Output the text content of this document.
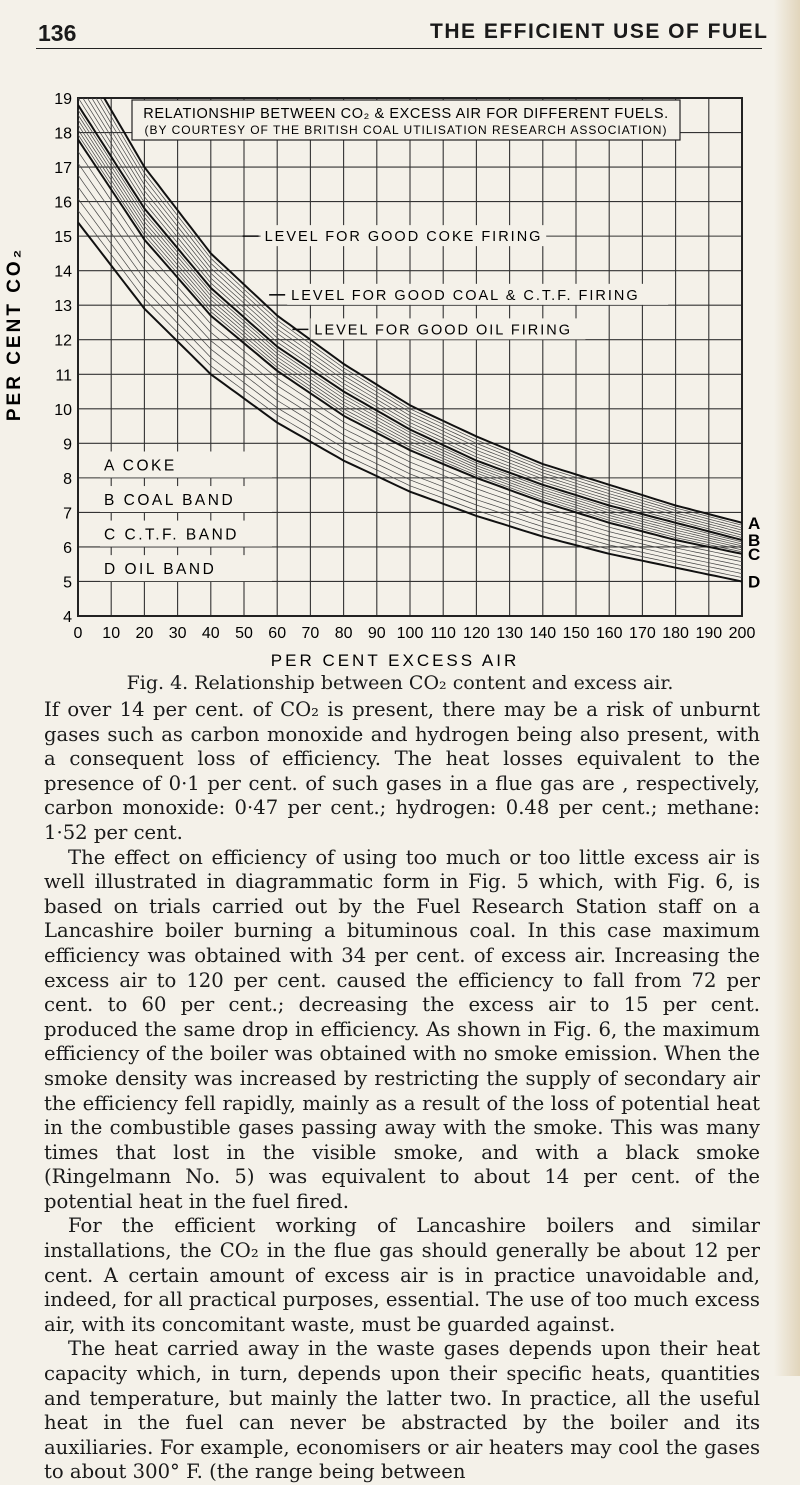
136	THE EFFICIENT USE OF FUEL
RELATIONSHIP BETWEEN CO₂ & EXCESS AIR FOR DIFFERENT FUELS.
(BY COURTESY OF THE BRITISH COAL UTILISATION RESEARCH ASSOCIATION)
LEVEL FOR GOOD COKE FIRING
LEVEL FOR GOOD COAL & C.T.F. FIRING
LEVEL FOR GOOD OIL FIRING
A COKE
B COAL BAND
C C.T.F. BAND
D OIL BAND
0 10 20 30 40 50 60 70 80 90 100 110 120 130 140 150 160 170 180 190 200
4
5
6
7
8
9
10
11
12
13
14
15
16
17
18
19
A
B
C
D
PER CENT CO₂
PER CENT EXCESS AIR
Fig. 4. Relationship between CO₂ content and excess air.

If over 14 per cent. of CO₂ is present, there may be a risk of unburnt gases such as carbon monoxide and hydrogen being also present, with a consequent loss of efficiency. The heat losses equivalent to the presence of 0·1 per cent. of such gases in a flue gas are , respectively, carbon monoxide: 0·47 per cent.; hydrogen: 0.48 per cent.; methane: 1·52 per cent.

The effect on efficiency of using too much or too little excess air is well illustrated in diagrammatic form in Fig. 5 which, with Fig. 6, is based on trials carried out by the Fuel Research Station staff on a Lancashire boiler burning a bituminous coal. In this case maximum efficiency was obtained with 34 per cent. of excess air. Increasing the excess air to 120 per cent. caused the efficiency to fall from 72 per cent. to 60 per cent.; decreasing the excess air to 15 per cent. produced the same drop in efficiency. As shown in Fig. 6, the maximum efficiency of the boiler was obtained with no smoke emission. When the smoke density was increased by restricting the supply of secondary air the efficiency fell rapidly, mainly as a result of the loss of potential heat in the combustible gases passing away with the smoke. This was many times that lost in the visible smoke, and with a black smoke (Ringelmann No. 5) was equivalent to about 14 per cent. of the potential heat in the fuel fired.

For the efficient working of Lancashire boilers and similar installations, the CO₂ in the flue gas should generally be about 12 per cent. A certain amount of excess air is in practice unavoidable and, indeed, for all practical purposes, essential. The use of too much excess air, with its concomitant waste, must be guarded against.

The heat carried away in the waste gases depends upon their heat capacity which, in turn, depends upon their specific heats, quantities and temperature, but mainly the latter two. In practice, all the useful heat in the fuel can never be abstracted by the boiler and its auxiliaries. For example, economisers or air heaters may cool the gases to about 300° F. (the range being between
